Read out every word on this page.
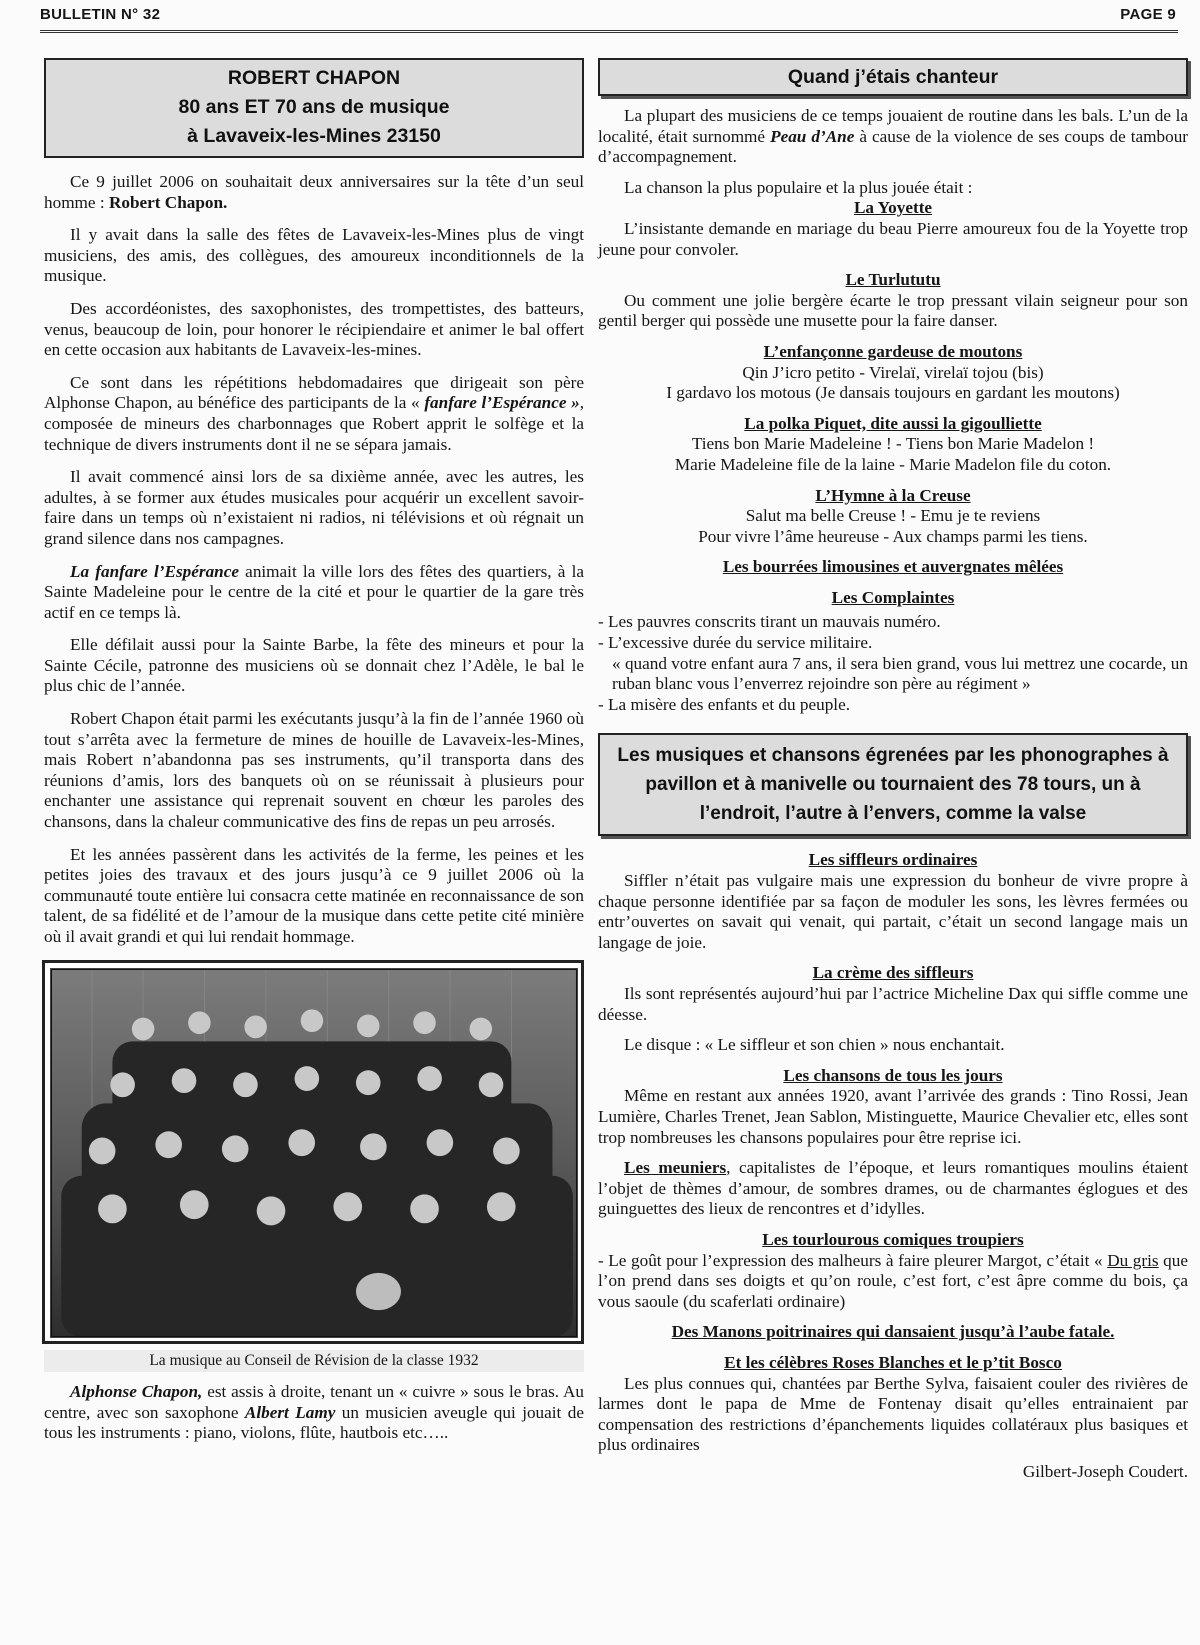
BULLETIN N° 32	PAGE 9
ROBERT CHAPON
80 ans ET 70 ans de musique
à Lavaveix-les-Mines 23150

Ce 9 juillet 2006 on souhaitait deux anniversaires sur la tête d’un seul homme : Robert Chapon.

Il y avait dans la salle des fêtes de Lavaveix-les-Mines plus de vingt musiciens, des amis, des collègues, des amoureux inconditionnels de la musique.

Des accordéonistes, des saxophonistes, des trompettistes, des batteurs, venus, beaucoup de loin, pour honorer le récipiendaire et animer le bal offert en cette occasion aux habitants de Lavaveix-les-mines.

Ce sont dans les répétitions hebdomadaires que dirigeait son père Alphonse Chapon, au bénéfice des participants de la « fanfare l’Espérance », composée de mineurs des charbonnages que Robert apprit le solfège et la technique de divers instruments dont il ne se sépara jamais.

Il avait commencé ainsi lors de sa dixième année, avec les autres, les adultes, à se former aux études musicales pour acquérir un excellent savoir-faire dans un temps où n’existaient ni radios, ni télévisions et où régnait un grand silence dans nos campagnes.

La fanfare l’Espérance animait la ville lors des fêtes des quartiers, à la Sainte Madeleine pour le centre de la cité et pour le quartier de la gare très actif en ce temps là.

Elle défilait aussi pour la Sainte Barbe, la fête des mineurs et pour la Sainte Cécile, patronne des musiciens où se donnait chez l’Adèle, le bal le plus chic de l’année.

Robert Chapon était parmi les exécutants jusqu’à la fin de l’année 1960 où tout s’arrêta avec la fermeture de mines de houille de Lavaveix-les-Mines, mais Robert n’abandonna pas ses instruments, qu’il transporta dans des réunions d’amis, lors des banquets où on se réunissait à plusieurs pour enchanter une assistance qui reprenait souvent en chœur les paroles des chansons, dans la chaleur communicative des fins de repas un peu arrosés.

Et les années passèrent dans les activités de la ferme, les peines et les petites joies des travaux et des jours jusqu’à ce 9 juillet 2006 où la communauté toute entière lui consacra cette matinée en reconnaissance de son talent, de sa fidélité et de l’amour de la musique dans cette petite cité minière où il avait grandi et qui lui rendait hommage.

La musique au Conseil de Révision de la classe 1932

Alphonse Chapon, est assis à droite, tenant un « cuivre » sous le bras. Au centre, avec son saxophone Albert Lamy un musicien aveugle qui jouait de tous les instruments : piano, violons, flûte, hautbois etc…..

Quand j’étais chanteur

La plupart des musiciens de ce temps jouaient de routine dans les bals. L’un de la localité, était surnommé Peau d’Ane à cause de la violence de ses coups de tambour d’accompagnement.

La chanson la plus populaire et la plus jouée était :

La Yoyette

L’insistante demande en mariage du beau Pierre amoureux fou de la Yoyette trop jeune pour convoler.

Le Turlututu

Ou comment une jolie bergère écarte le trop pressant vilain seigneur pour son gentil berger qui possède une musette pour la faire danser.

L’enfançonne gardeuse de moutons
Qin J’icro petito - Virelaï, virelaï tojou (bis)
I gardavo los motous (Je dansais toujours en gardant les moutons)
La polka Piquet, dite aussi la gigoulliette
Tiens bon Marie Madeleine ! - Tiens bon Marie Madelon !
Marie Madeleine file de la laine - Marie Madelon file du coton.
L’Hymne à la Creuse
Salut ma belle Creuse ! - Emu je te reviens
Pour vivre l’âme heureuse - Aux champs parmi les tiens.
Les bourrées limousines et auvergnates mêlées
Les Complaintes
- Les pauvres conscrits tirant un mauvais numéro.
- L’excessive durée du service militaire.
« quand votre enfant aura 7 ans, il sera bien grand, vous lui mettrez une cocarde, un ruban blanc vous l’enverrez rejoindre son père au régiment »
- La misère des enfants et du peuple.
Les musiques et chansons égrenées par les phonographes à pavillon et à manivelle ou tournaient des 78 tours, un à l’endroit, l’autre à l’envers, comme la valse
Les siffleurs ordinaires

Siffler n’était pas vulgaire mais une expression du bonheur de vivre propre à chaque personne identifiée par sa façon de moduler les sons, les lèvres fermées ou entr’ouvertes on savait qui venait, qui partait, c’était un second langage mais un langage de joie.

La crème des siffleurs

Ils sont représentés aujourd’hui par l’actrice Micheline Dax qui siffle comme une déesse.

Le disque : « Le siffleur et son chien » nous enchantait.

Les chansons de tous les jours

Même en restant aux années 1920, avant l’arrivée des grands : Tino Rossi, Jean Lumière, Charles Trenet, Jean Sablon, Mistinguette, Maurice Chevalier etc, elles sont trop nombreuses les chansons populaires pour être reprise ici.

Les meuniers, capitalistes de l’époque, et leurs romantiques moulins étaient l’objet de thèmes d’amour, de sombres drames, ou de charmantes églogues et des guinguettes des lieux de rencontres et d’idylles.

Les tourlourous comiques troupiers

- Le goût pour l’expression des malheurs à faire pleurer Margot, c’était « Du gris que l’on prend dans ses doigts et qu’on roule, c’est fort, c’est âpre comme du bois, ça vous saoule (du scaferlati ordinaire)

Des Manons poitrinaires qui dansaient jusqu’à l’aube fatale.
Et les célèbres Roses Blanches et le p’tit Bosco

Les plus connues qui, chantées par Berthe Sylva, faisaient couler des rivières de larmes dont le papa de Mme de Fontenay disait qu’elles entrainaient par compensation des restrictions d’épanchements liquides collatéraux plus basiques et plus ordinaires

Gilbert-Joseph Coudert.
